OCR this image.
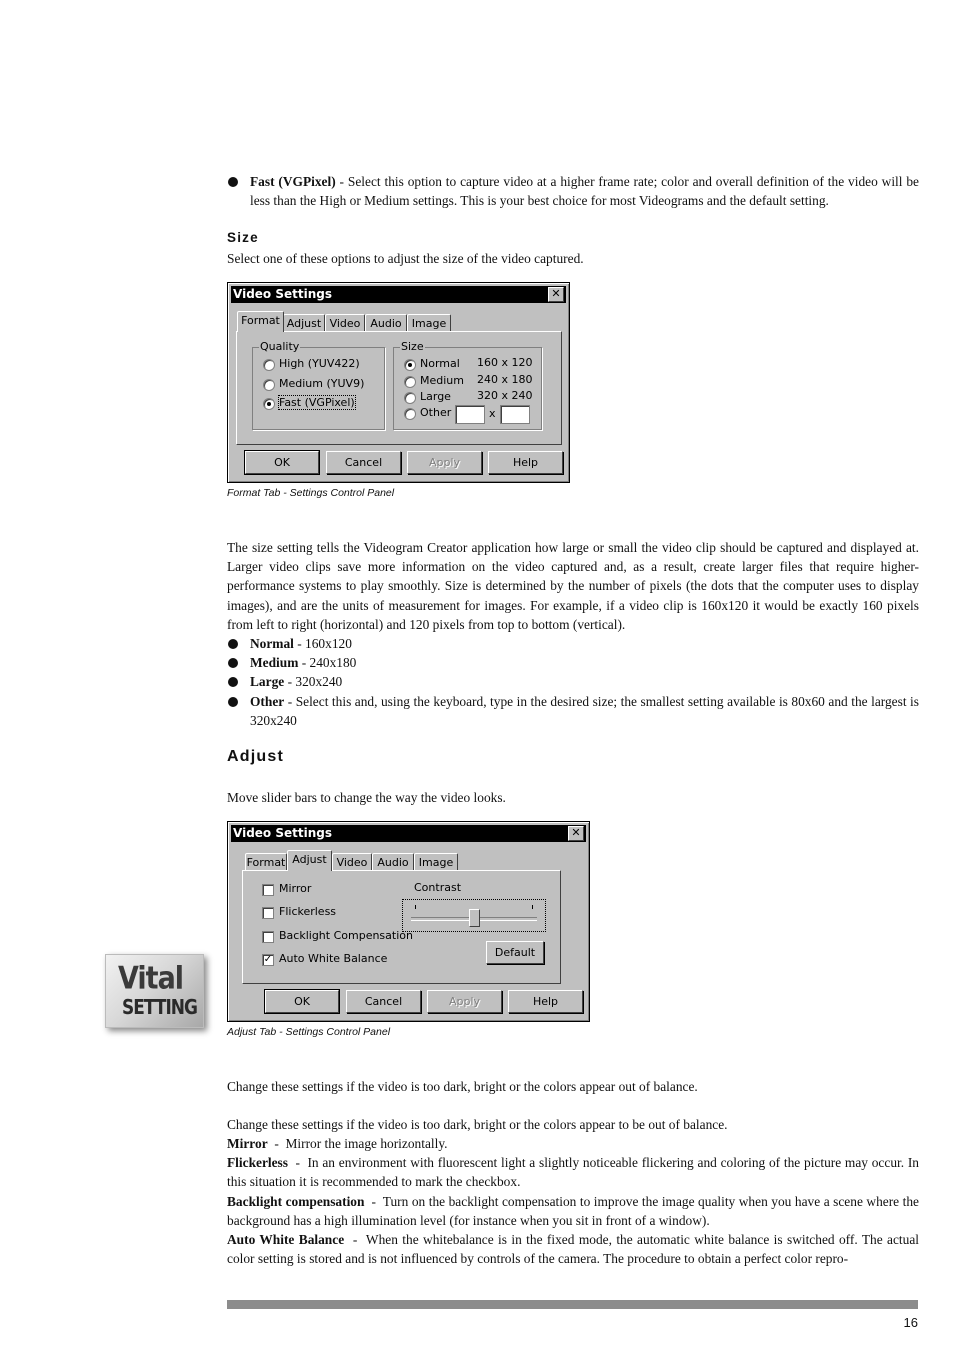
Fast (VGPixel) - Select this option to capture video at a higher frame rate; color and overall definition of the video will be less than the High or Medium settings. This is your best choice for most Videograms and the default setting.
Size
Select one of these options to adjust the size of the video captured.
Video Settings	✕
Format Adjust Video Audio Image
Quality
High (YUV422)
Medium (YUV9)
Fast (VGPixel)
Size
Normal 160 x 120
Medium 240 x 180
Large 320 x 240
Other	x
OK	Cancel	Apply	Help
Format Tab - Settings Control Panel
The size setting tells the Videogram Creator application how large or small the video clip should be captured and displayed at. Larger video clips save more information on the video captured and, as a result, create larger files that require higher-performance systems to play smoothly. Size is determined by the number of pixels (the dots that the computer uses to display images), and are the units of measurement for images. For example, if a video clip is 160x120 it would be exactly 160 pixels from left to right (horizontal) and 120 pixels from top to bottom (vertical).
Normal - 160x120
Medium - 240x180
Large - 320x240
Other - Select this and, using the keyboard, type in the desired size; the smallest setting available is 80x60 and the largest is 320x240
Adjust
Move slider bars to change the way the video looks.
Video Settings	✕
Format Adjust Video Audio Image
Mirror
Flickerless
Backlight Compensation
✓ Auto White Balance
Contrast
Default
OK	Cancel	Apply	Help
Adjust Tab - Settings Control Panel
Vital
SETTING
Change these settings if the video is too dark, bright or the colors appear out of balance.
Change these settings if the video is too dark, bright or the colors appear to be out of balance.
Mirror  -  Mirror the image horizontally.
Flickerless  -  In an environment with fluorescent light a slightly noticeable flickering and coloring of the picture may occur. In this situation it is recommended to mark the checkbox.
Backlight compensation  -  Turn on the backlight compensation to improve the image quality when you have a scene where the background has a high illumination level (for instance when you sit in front of a window).
Auto White Balance  -  When the whitebalance is in the fixed mode, the automatic white balance is switched off. The actual color setting is stored and is not influenced by controls of the camera. The procedure to obtain a perfect color repro-
16
